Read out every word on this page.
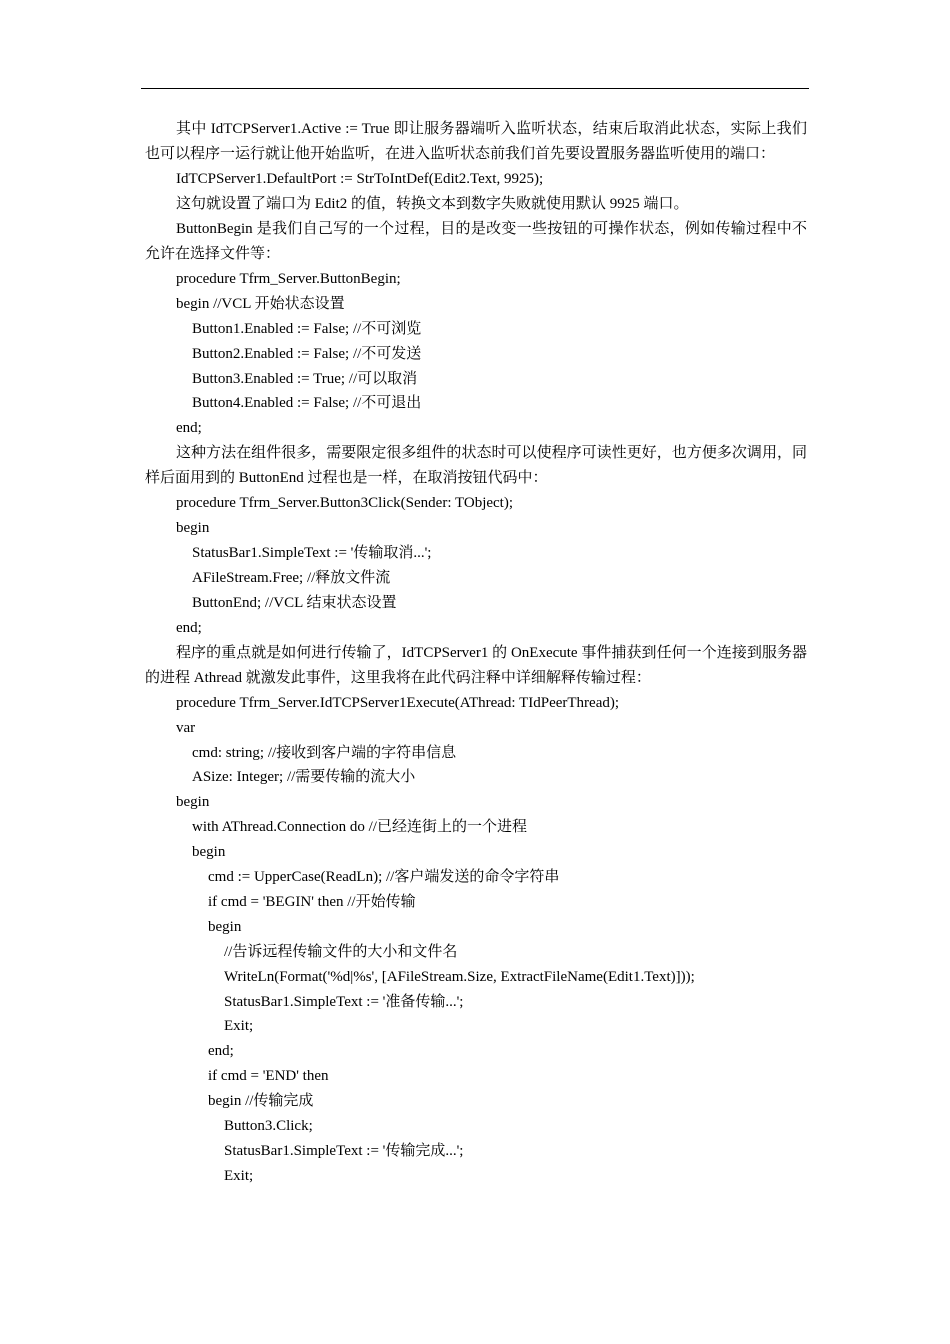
其中 IdTCPServer1.Active := True 即让服务器端听入监听状态，结束后取消此状态，实际上我们也可以程序一运行就让他开始监听，在进入监听状态前我们首先要设置服务器监听使用的端口：

IdTCPServer1.DefaultPort := StrToIntDef(Edit2.Text, 9925);

这句就设置了端口为 Edit2 的值，转换文本到数字失败就使用默认 9925 端口。

ButtonBegin 是我们自己写的一个过程，目的是改变一些按钮的可操作状态，例如传输过程中不允许在选择文件等：

procedure Tfrm_Server.ButtonBegin;
begin //VCL 开始状态设置
Button1.Enabled := False; //不可浏览
Button2.Enabled := False; //不可发送
Button3.Enabled := True; //可以取消
Button4.Enabled := False; //不可退出
end;

这种方法在组件很多，需要限定很多组件的状态时可以使程序可读性更好，也方便多次调用，同样后面用到的 ButtonEnd 过程也是一样，在取消按钮代码中：

procedure Tfrm_Server.Button3Click(Sender: TObject);
begin
StatusBar1.SimpleText := '传输取消...';
AFileStream.Free; //释放文件流
ButtonEnd; //VCL 结束状态设置
end;

程序的重点就是如何进行传输了，IdTCPServer1 的 OnExecute 事件捕获到任何一个连接到服务器的进程 Athread 就激发此事件，这里我将在此代码注释中详细解释传输过程：

procedure Tfrm_Server.IdTCPServer1Execute(AThread: TIdPeerThread);
var
cmd: string; //接收到客户端的字符串信息
ASize: Integer; //需要传输的流大小
begin
with AThread.Connection do //已经连街上的一个进程
begin
cmd := UpperCase(ReadLn); //客户端发送的命令字符串
if cmd = 'BEGIN' then //开始传输
begin
//告诉远程传输文件的大小和文件名
WriteLn(Format('%d|%s', [AFileStream.Size, ExtractFileName(Edit1.Text)]));
StatusBar1.SimpleText := '准备传输...';
Exit;
end;
if cmd = 'END' then
begin //传输完成
Button3.Click;
StatusBar1.SimpleText := '传输完成...';
Exit;
